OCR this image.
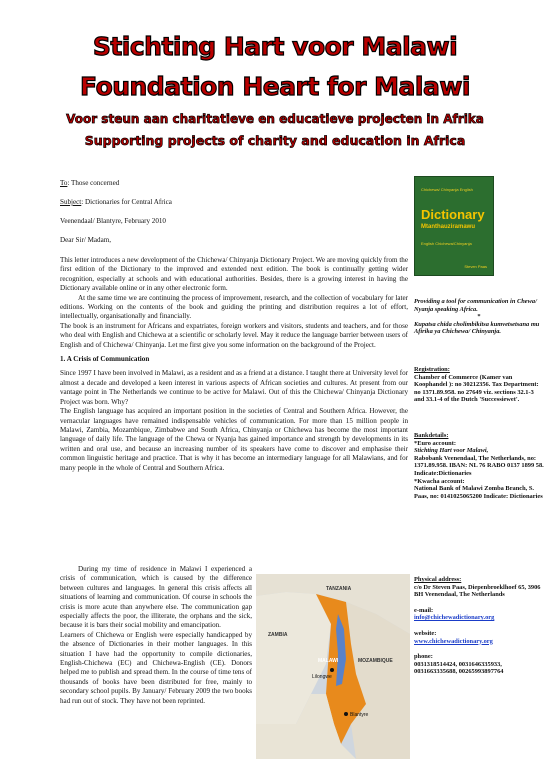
Stichting Hart voor Malawi
Foundation Heart for Malawi
Voor steun aan charitatieve en educatieve projecten in Afrika
Supporting projects of charity and education in Africa
To: Those concerned
Subject: Dictionaries for Central Africa
Veenendaal/ Blantyre, February 2010
Dear Sir/ Madam,

This letter introduces a new development of the Chichewa/ Chinyanja Dictionary Project. We are moving quickly from the first edition of the Dictionary to the improved and extended next edition. The book is continually getting wider recognition, especially at schools and with educational authorities. Besides, there is a growing interest in having the Dictionary available online or in any other electronic form.

At the same time we are continuing the process of improvement, research, and the collection of vocabulary for later editions. Working on the contents of the book and guiding the printing and distribution requires a lot of effort, intellectually, organisationally and financially.

The book is an instrument for Africans and expatriates, foreign workers and visitors, students and teachers, and for those who deal with English and Chichewa at a scientific or scholarly level. May it reduce the language barrier between users of English and of Chichewa/ Chinyanja. Let me first give you some information on the background of the Project.

1. A Crisis of Communication

Since 1997 I have been involved in Malawi, as a resident and as a friend at a distance. I taught there at University level for almost a decade and developed a keen interest in various aspects of African societies and cultures. At present from our vantage point in The Netherlands we continue to be active for Malawi. Out of this the Chichewa/ Chinyanja Dictionary Project was born. Why?

The English language has acquired an important position in the societies of Central and Southern Africa. However, the vernacular languages have remained indispensable vehicles of communication. For more than 15 million people in Malawi, Zambia, Mozambique, Zimbabwe and South Africa, Chinyanja or Chichewa has become the most important language of daily life. The language of the Chewa or Nyanja has gained importance and strength by developments in its written and oral use, and because an increasing number of its speakers have come to discover and emphasise their common linguistic heritage and practice. That is why it has become an intermediary language for all Malawians, and for many people in the whole of Central and Southern Africa.

During my time of residence in Malawi I experienced a crisis of communication, which is caused by the difference between cultures and languages. In general this crisis affects all situations of learning and communication. Of course in schools the crisis is more acute than anywhere else. The communication gap especially affects the poor, the illiterate, the orphans and the sick, because it is bars their social mobility and emancipation.

Learners of Chichewa or English were especially handicapped by the absence of Dictionaries in their mother languages. In this situation I have had the opportunity to compile dictionaries, English-Chichewa (EC) and Chichewa-English (CE). Donors helped me to publish and spread them. In the course of time tens of thousands of books have been distributed for free, mainly to secondary school pupils. By January/ February 2009 the two books had run out of stock. They have not been reprinted.

TANZANIA
ZAMBIA
MALAWI
Lilongwe
MOZAMBIQUE
Blantyre
Chichewa/ Chinyanja English
Dictionary
Mtanthauziramawu
English Chichewa/Chinyanja
Steven Paas
Providing a tool for communication in Chewa/ Nyanja speaking Africa.
*
Kupatsa chida cholimbikitsa kumvetsetsana mu Afirika ya Chichewa/ Chinyanja.
Registration:
Chamber of Commerce (Kamer van Koophandel ): no 30212356. Tax Department: no 1371.89.958. no 27649 viz. sections 32.1-3 and 33.1-4 of the Dutch 'Successiewet'.
Bankdetails:
*Euro account:
Stichting Hart voor Malawi,
Rabobank Veenendaal, The Netherlands, no: 1371.89.958. IBAN: NL 76 RABO 0137 1899 58. Indicate:Dictionaries
*Kwacha account:
National Bank of Malawi Zomba Branch, S. Paas, no: 0141025065200 Indicate: Dictionaries
Physical address:
c/o Dr Steven Paas, Diepenbroeklhoef 65, 3906 BH Veenendaal, The Netherlands
e-mail:
info@chichewadictionary.org
website:
www.chichewadictionary.org
phone:
0031318514424, 0031646335933, 0031663335688, 00265993897764
